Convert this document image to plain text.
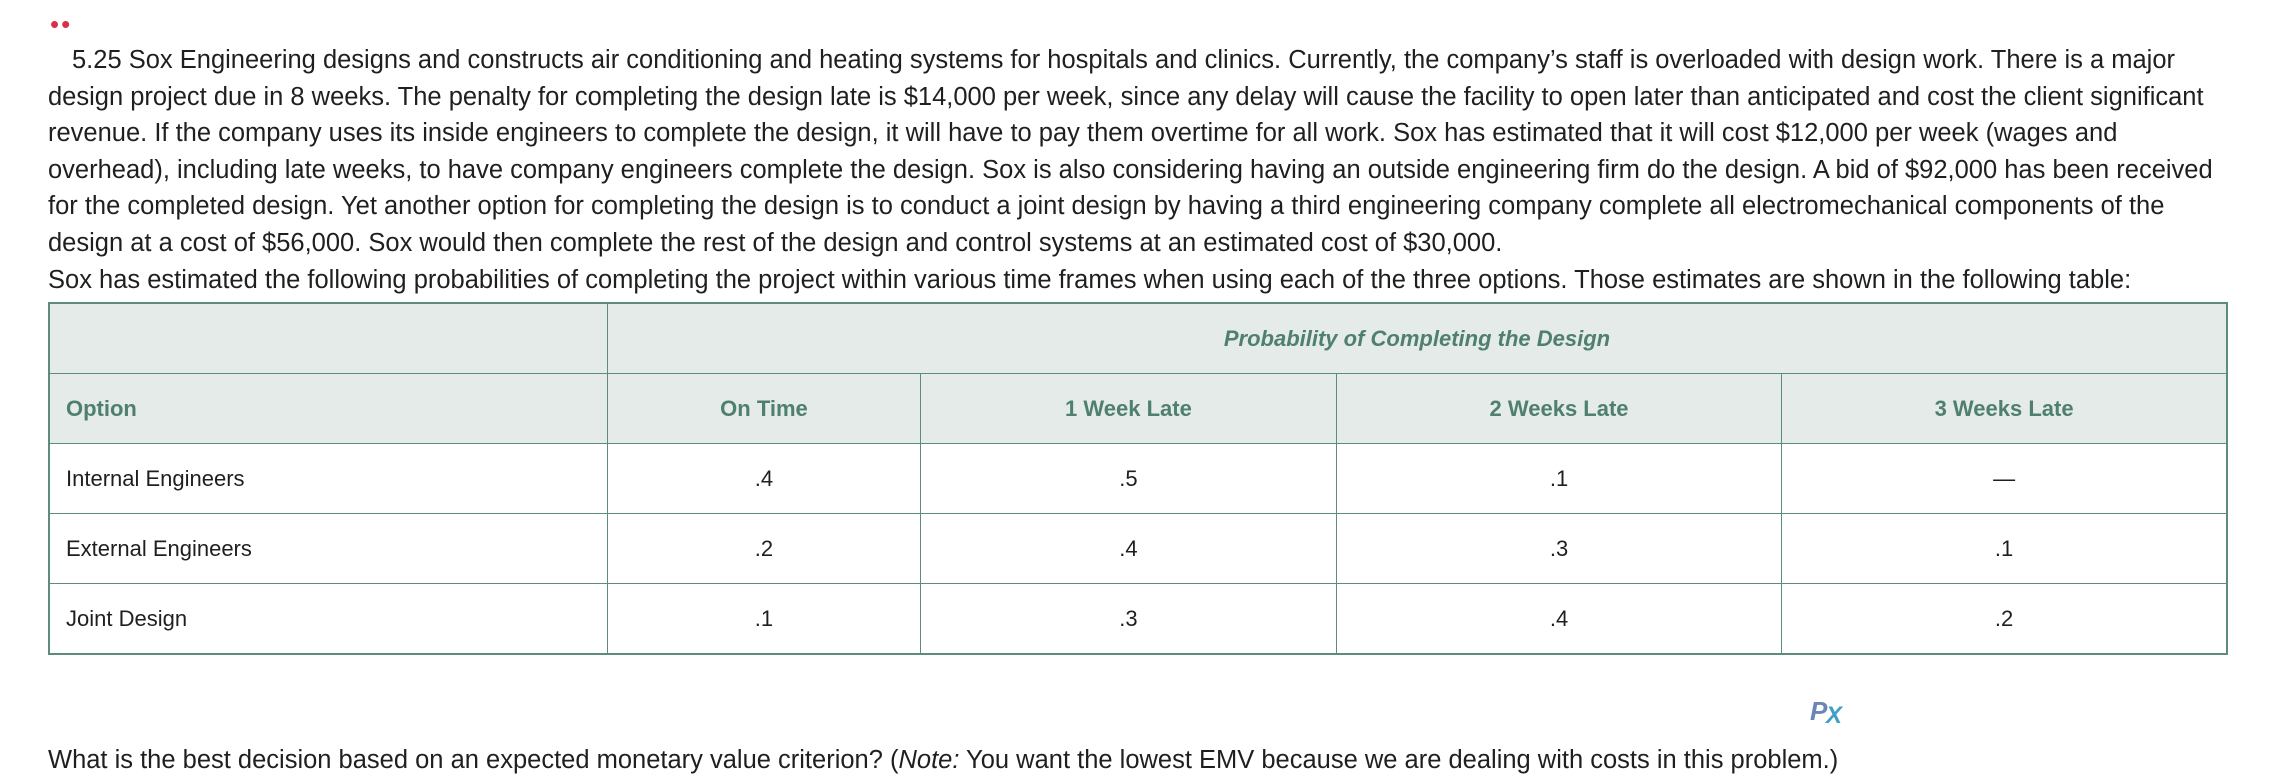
••

5.25 Sox Engineering designs and constructs air conditioning and heating systems for hospitals and clinics. Currently, the company’s staff is overloaded with design work. There is a major design project due in 8 weeks. The penalty for completing the design late is $14,000 per week, since any delay will cause the facility to open later than anticipated and cost the client significant revenue. If the company uses its inside engineers to complete the design, it will have to pay them overtime for all work. Sox has estimated that it will cost $12,000 per week (wages and overhead), including late weeks, to have company engineers complete the design. Sox is also considering having an outside engineering firm do the design. A bid of $92,000 has been received for the completed design. Yet another option for completing the design is to conduct a joint design by having a third engineering company complete all electromechanical components of the design at a cost of $56,000. Sox would then complete the rest of the design and control systems at an estimated cost of $30,000.

Sox has estimated the following probabilities of completing the project within various time frames when using each of the three options. Those estimates are shown in the following table:

	Probability of Completing the Design			
Option	On Time	1 Week Late	2 Weeks Late	3 Weeks Late
Internal Engineers	.4	.5	.1	—
External Engineers	.2	.4	.3	.1
Joint Design	.1	.3	.4	.2
P
X

What is the best decision based on an expected monetary value criterion? (Note: You want the lowest EMV because we are dealing with costs in this problem.)
